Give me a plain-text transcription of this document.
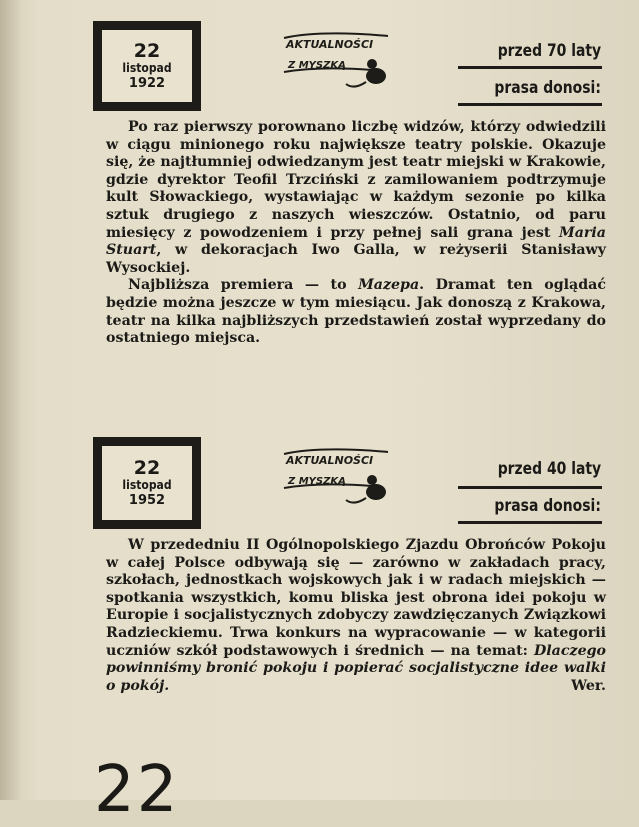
22
listopad
1922
AKTUALNOŚCI
Z MYSZKĄ
przed 70 laty
prasa donosi:

Po raz pierwszy porownano liczbę widzów, którzy odwiedzili w ciągu minionego roku największe teatry polskie. Okazuje się, że najtłumniej odwiedzanym jest teatr miejski w Krakowie, gdzie dyrektor Teofil Trzciński z zamilowaniem podtrzymuje kult Słowackiego, wystawiając w każdym sezonie po kilka sztuk drugiego z naszych wieszczów. Ostatnio, od paru miesięcy z powodzeniem i przy pełnej sali grana jest Maria Stuart, w dekoracjach Iwo Galla, w reżyserii Stanisławy Wysockiej.

Najbliższa premiera — to Mazepa. Dramat ten oglądać będzie można jeszcze w tym miesiącu. Jak donoszą z Krakowa, teatr na kilka najbliższych przedstawień został wyprzedany do ostatniego miejsca.

22
listopad
1952
AKTUALNOŚCI
Z MYSZKĄ
przed 40 laty
prasa donosi:

W przededniu II Ogólnopolskiego Zjazdu Obrońców Pokoju w całej Polsce odbywają się — zarówno w zakładach pracy, szkołach, jednostkach wojskowych jak i w radach miejskich — spotkania wszystkich, komu bliska jest obrona idei pokoju w Europie i socjalistycznych zdobyczy zawdzięczanych Związkowi Radzieckiemu. Trwa konkurs na wypracowanie — w kategorii uczniów szkół podstawowych i średnich — na temat: Dlaczego powinniśmy bronić pokoju i popierać socjalistyczne idee walki o pokój.	Wer.

22
